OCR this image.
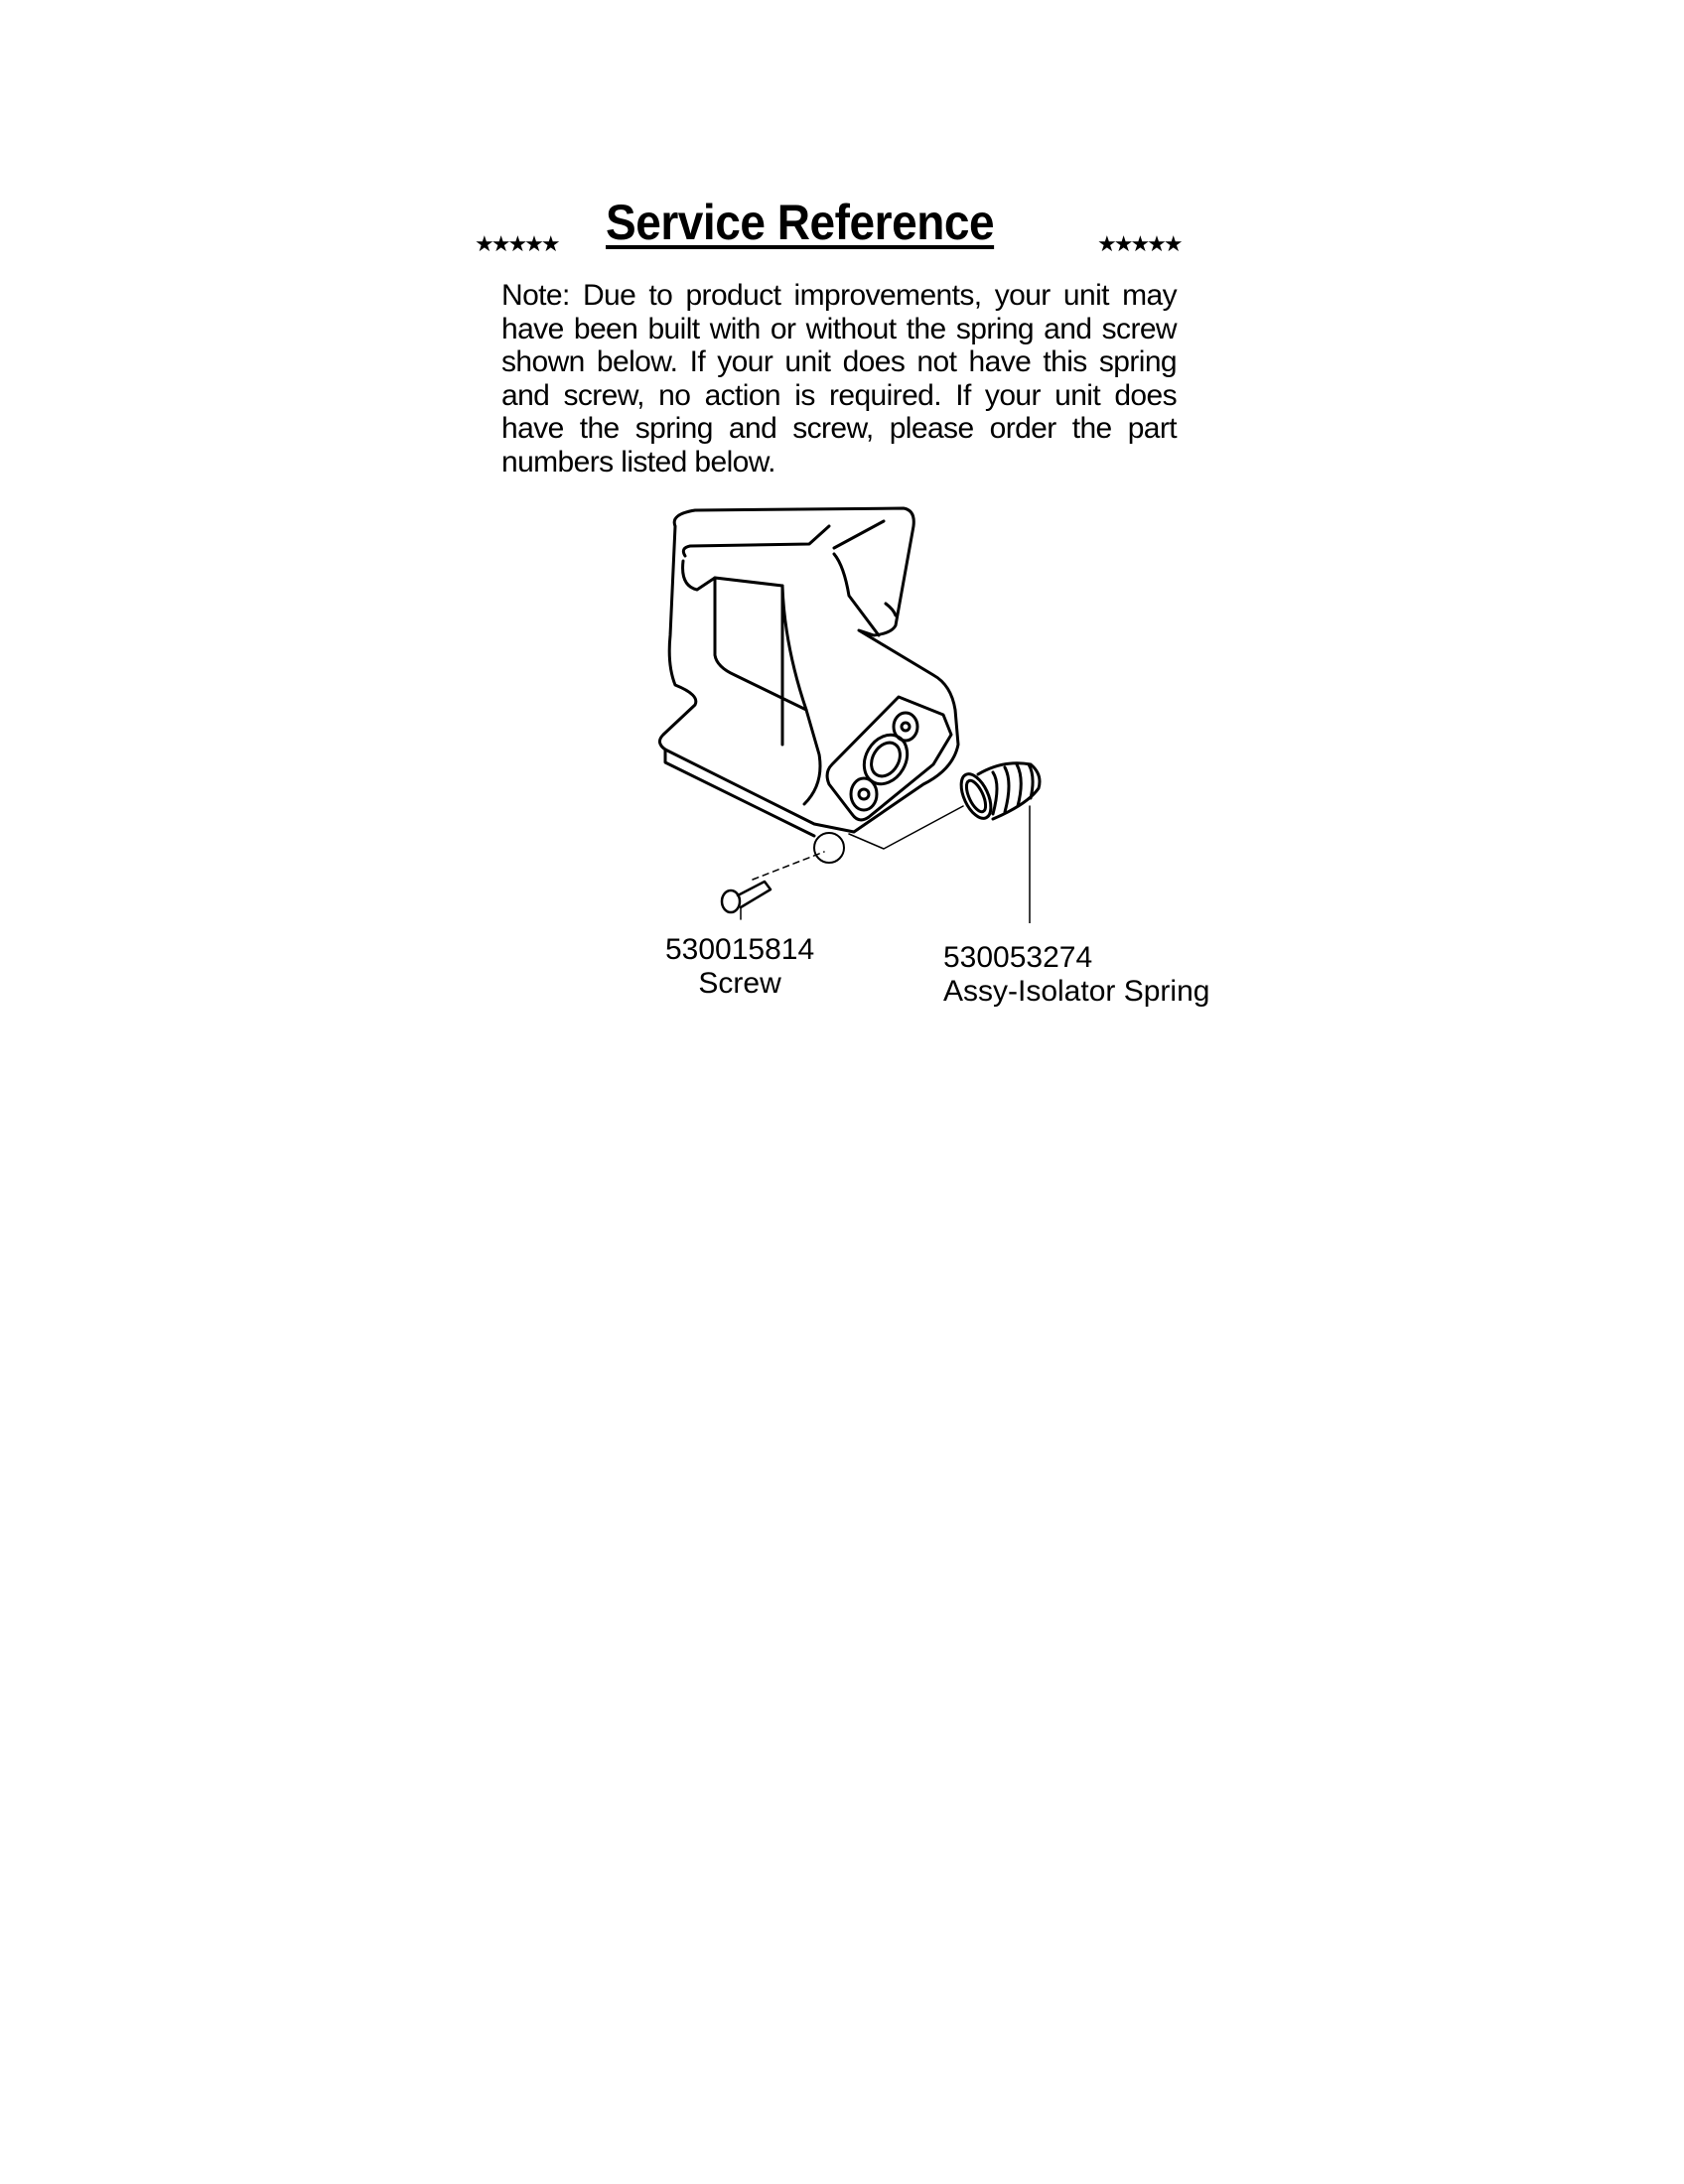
★★★★★ Service Reference	★★★★★
Note: Due to product improvements, your unit may have been built with or without the spring and screw shown below. If your unit does not have this spring and screw, no action is required. If your unit does have the spring and screw, please order the part numbers listed below.
530015814
Screw
530053274
Assy-Isolator Spring
